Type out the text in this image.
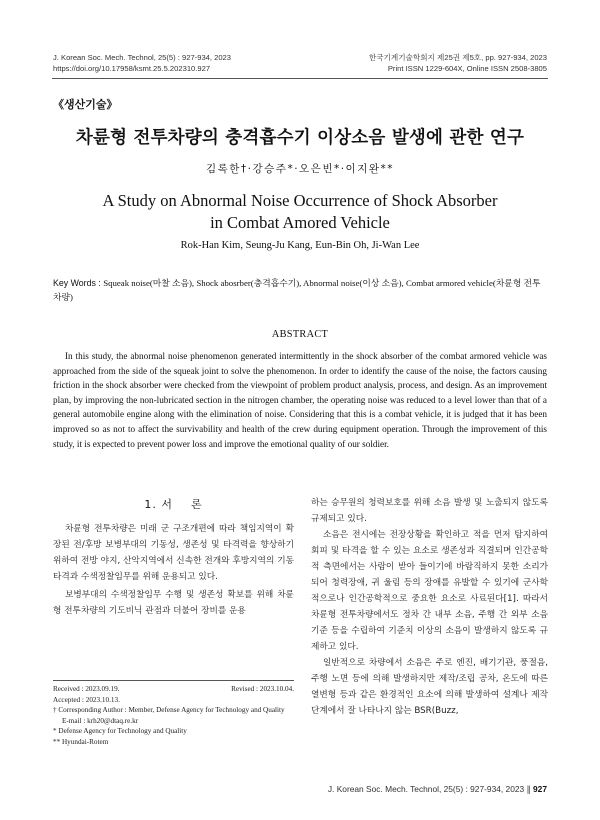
J. Korean Soc. Mech. Technol, 25(5) : 927-934, 2023
https://doi.org/10.17958/ksmt.25.5.202310.927
한국기계기술학회지 제25권 제5호, pp. 927-934, 2023
Print ISSN 1229-604X, Online ISSN 2508-3805
《생산기술》
차륜형 전투차량의 충격흡수기 이상소음 발생에 관한 연구
김록한†·강승주*·오은빈*·이지완**
A Study on Abnormal Noise Occurrence of Shock Absorber
in Combat Amored Vehicle
Rok-Han Kim, Seung-Ju Kang, Eun-Bin Oh, Ji-Wan Lee
Key Words : Squeak noise(마찰 소음), Shock abosrber(충격흡수기), Abnormal noise(이상 소음), Combat armored vehicle(차륜형 전투차량)
ABSTRACT

In this study, the abnormal noise phenomenon generated intermittently in the shock absorber of the combat armored vehicle was approached from the side of the squeak joint to solve the phenomenon. In order to identify the cause of the noise, the factors causing friction in the shock absorber were checked from the viewpoint of problem product analysis, process, and design. As an improvement plan, by improving the non-lubricated section in the nitrogen chamber, the operating noise was reduced to a level lower than that of a general automobile engine along with the elimination of noise. Considering that this is a combat vehicle, it is judged that it has been improved so as not to affect the survivability and health of the crew during equipment operation. Through the improvement of this study, it is expected to prevent power loss and improve the emotional quality of our soldier.

1. 서    론

차륜형 전투차량은 미래 군 구조개편에 따라 책임지역이 확장된 전/후방 보병부대의 기동성, 생존성 및 타격력을 향상하기 위하여 전방 야지, 산악지역에서 신속한 전개와 후방지역의 기동타격과 수색정찰임무를 위해 운용되고 있다.

보병부대의 수색정찰임무 수행 및 생존성 확보를 위해 차륜형 전투차량의 기도비닉 관점과 더불어 장비를 운용

하는 승무원의 청력보호를 위해 소음 발생 및 노출되지 않도록 규제되고 있다.

소음은 전시에는 전장상황을 확인하고 적을 먼저 탐지하여 회피 및 타격을 할 수 있는 요소로 생존성과 직결되며 인간공학적 측면에서는 사람이 받아 들이기에 바람직하지 못한 소리가 되어 청력장애, 귀 울림 등의 장애를 유발할 수 있기에 군사학적으로나 인간공학적으로 중요한 요소로 사료된다[1]. 따라서 차륜형 전투차량에서도 정차 간 내부 소음, 주행 간 외부 소음기준 등을 수립하여 기준치 이상의 소음이 발생하지 않도록 규제하고 있다.

일반적으로 차량에서 소음은 주로 엔진, 배기기관, 풍절음, 주행 노면 등에 의해 발생하지만 제작/조립 공차, 온도에 따른 열변형 등과 같은 환경적인 요소에 의해 발생하여 설계나 제작단계에서 잘 나타나지 않는 BSR(Buzz,

Received : 2023.09.19.	Revised : 2023.10.04.
Accepted : 2023.10.13.
† Corresponding Author : Member, Defense Agency for Technology and Quality
E-mail : krh20@dtaq.re.kr
* Defense Agency for Technology and Quality
** Hyundai-Rotem
J. Korean Soc. Mech. Technol, 25(5) : 927-934, 2023 ∥ 927
